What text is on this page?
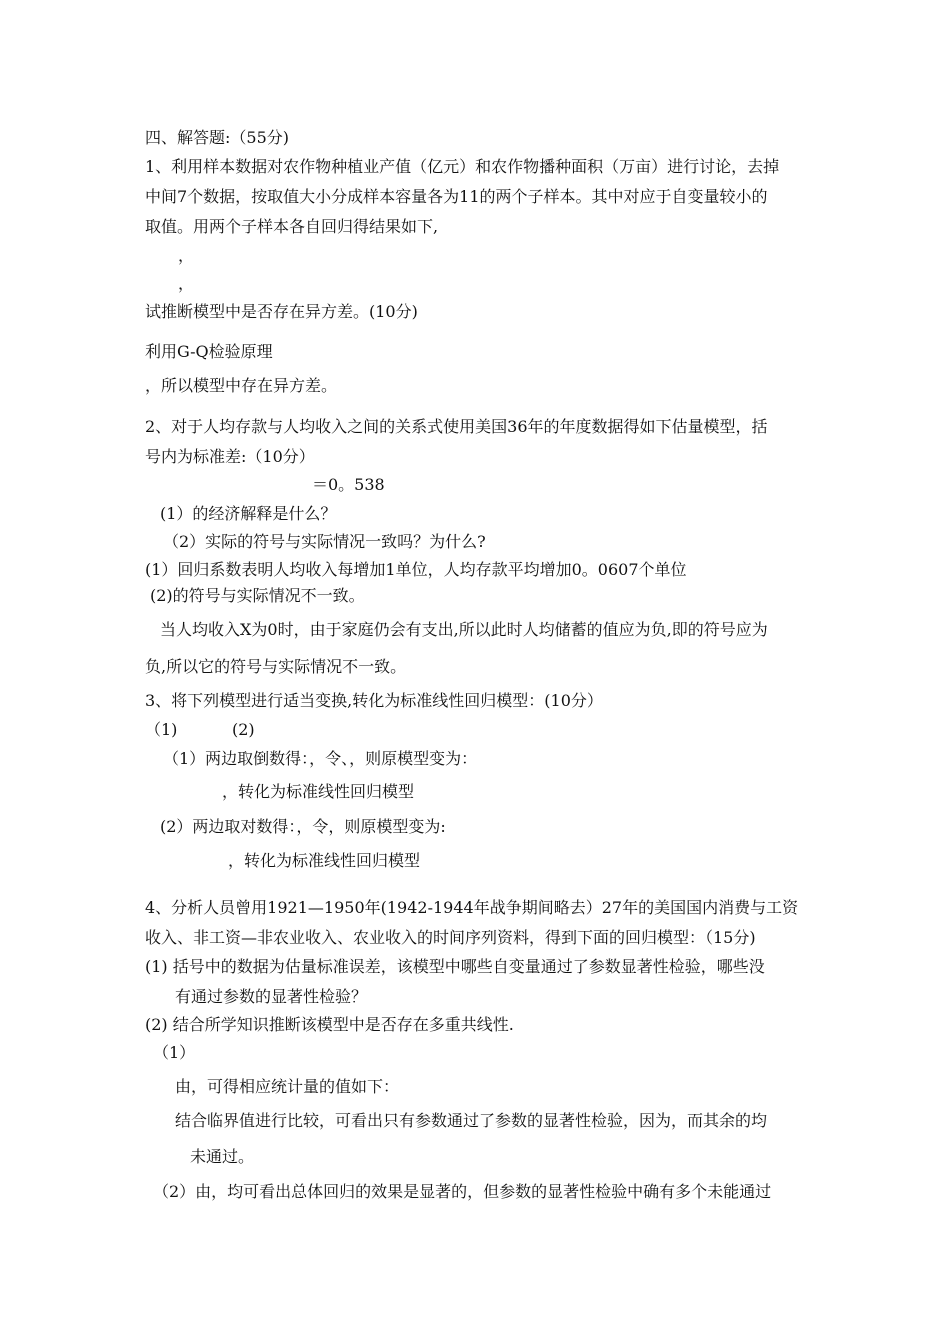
四、解答题:（55分)
1、利用样本数据对农作物种植业产值（亿元）和农作物播种面积（万亩）进行讨论，去掉
中间7个数据，按取值大小分成样本容量各为11的两个子样本。其中对应于自变量较小的
取值。用两个子样本各自回归得结果如下,
，
，
试推断模型中是否存在异方差。(10分)
利用G-Q检验原理
，所以模型中存在异方差。
2、对于人均存款与人均收入之间的关系式使用美国36年的年度数据得如下估量模型，括
号内为标准差:（10分）
＝0。538
(1）的经济解释是什么？
（2）实际的符号与实际情况一致吗？为什么?
(1）回归系数表明人均收入每增加1单位，人均存款平均增加0。0607个单位
(2)的符号与实际情况不一致。
当人均收入X为0时，由于家庭仍会有支出,所以此时人均储蓄的值应为负,即的符号应为
负,所以它的符号与实际情况不一致。
3、将下列模型进行适当变换,转化为标准线性回归模型：(10分）
（1)	(2)
（1）两边取倒数得：，令、，则原模型变为：
，转化为标准线性回归模型
(2）两边取对数得：，令，则原模型变为:
，转化为标准线性回归模型
4、分析人员曾用1921—1950年(1942-1944年战争期间略去）27年的美国国内消费与工资
收入、非工资—非农业收入、农业收入的时间序列资料，得到下面的回归模型：（15分)
(1) 括号中的数据为估量标准误差，该模型中哪些自变量通过了参数显著性检验，哪些没
有通过参数的显著性检验？
(2) 结合所学知识推断该模型中是否存在多重共线性.
（1）
由，可得相应统计量的值如下：
结合临界值进行比较，可看出只有参数通过了参数的显著性检验，因为，而其余的均
未通过。
（2）由，均可看出总体回归的效果是显著的，但参数的显著性检验中确有多个未能通过
